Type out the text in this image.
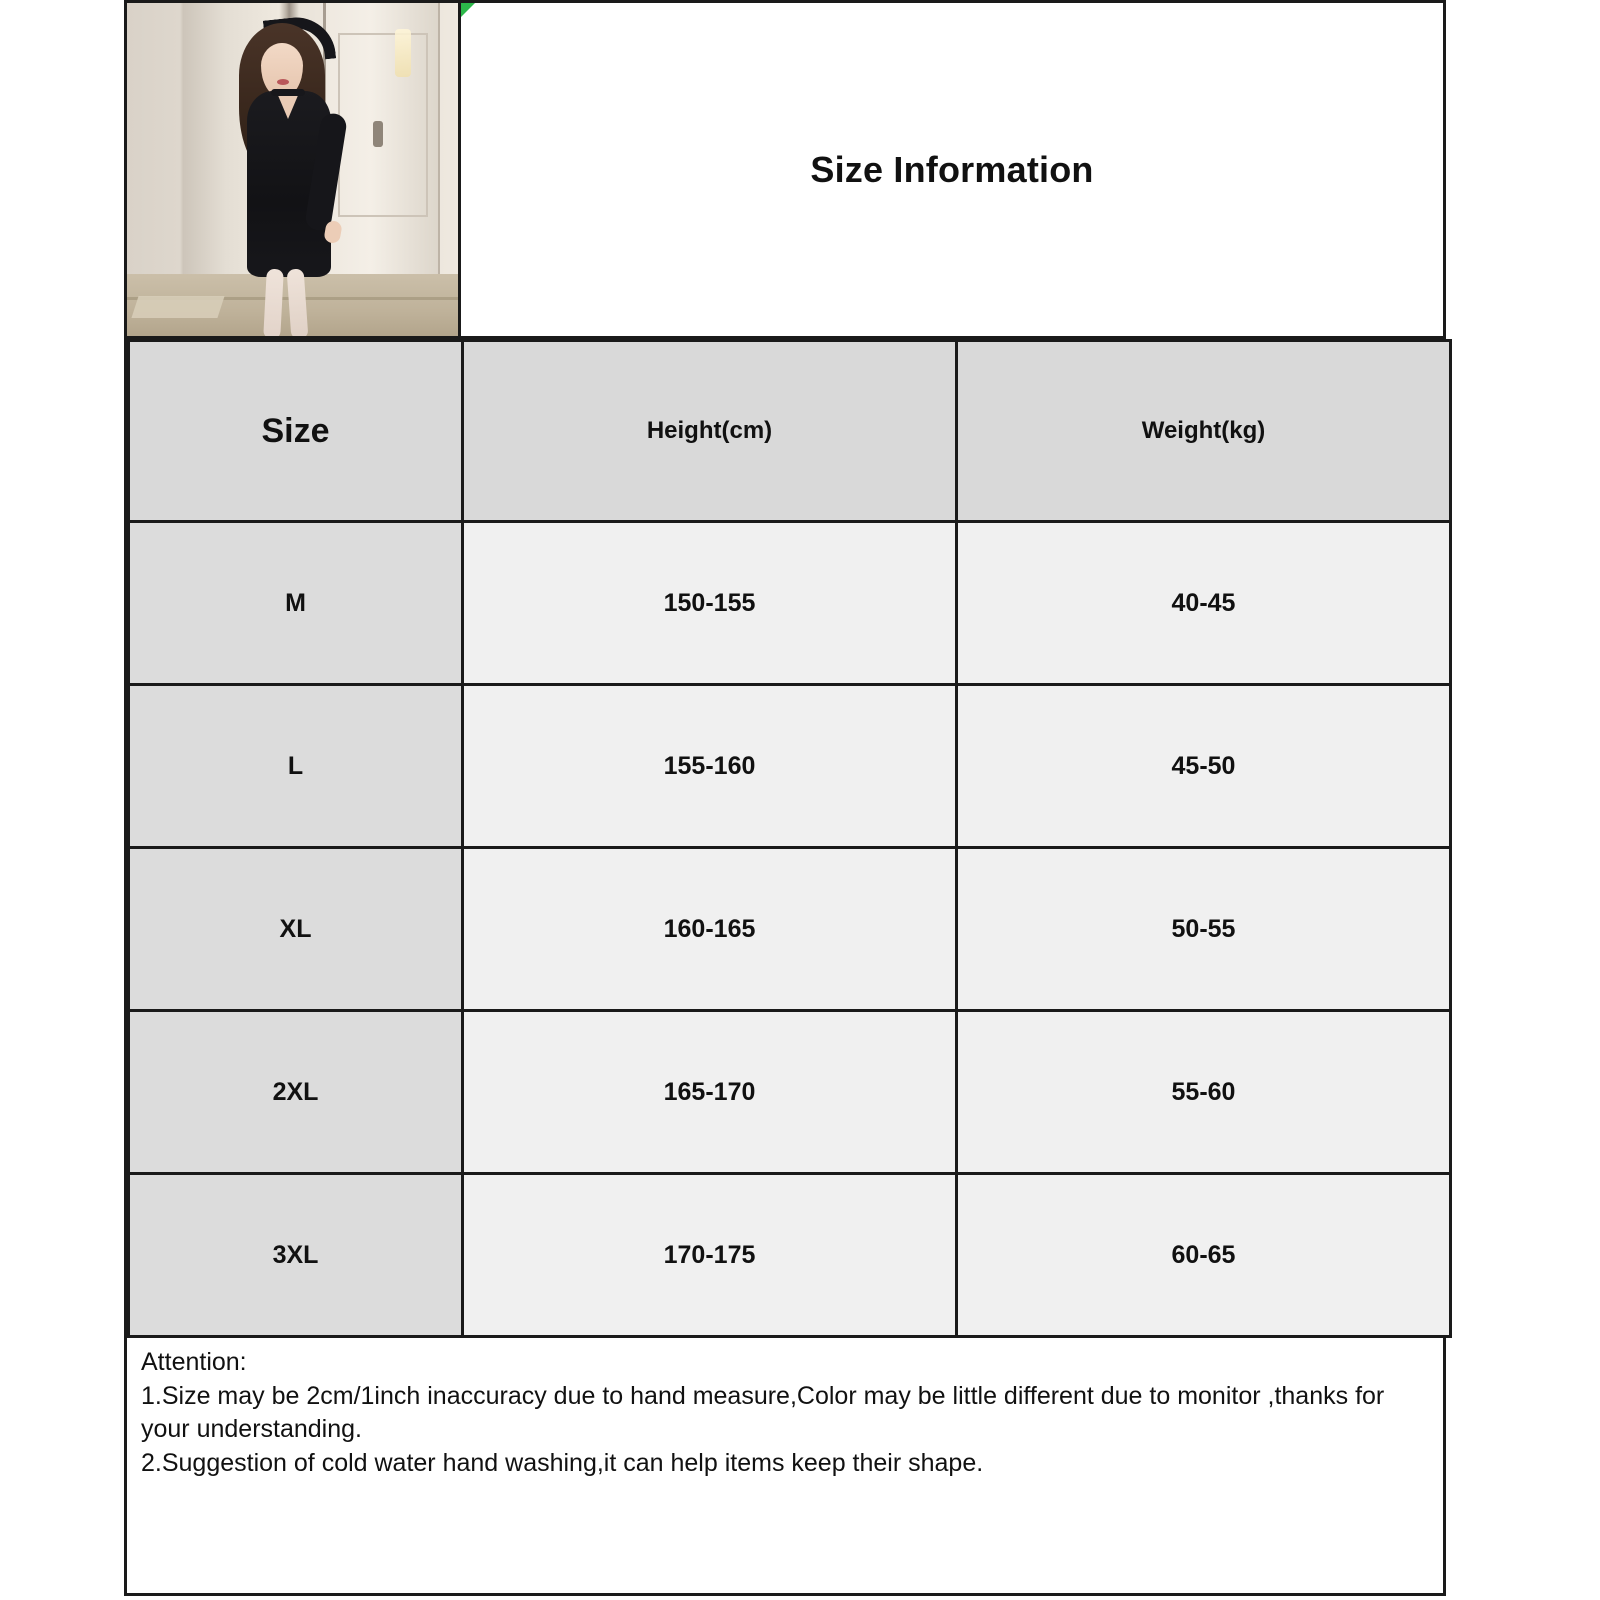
Size Information
Size	Height(cm)	Weight(kg)
M	150-155	40-45
L	155-160	45-50
XL	160-165	50-55
2XL	165-170	55-60
3XL	170-175	60-65

Attention:

1.Size may be 2cm/1inch inaccuracy due to hand measure,Color may be little different due to monitor ,thanks for your understanding.

2.Suggestion of cold water hand washing,it can help items keep their shape.
